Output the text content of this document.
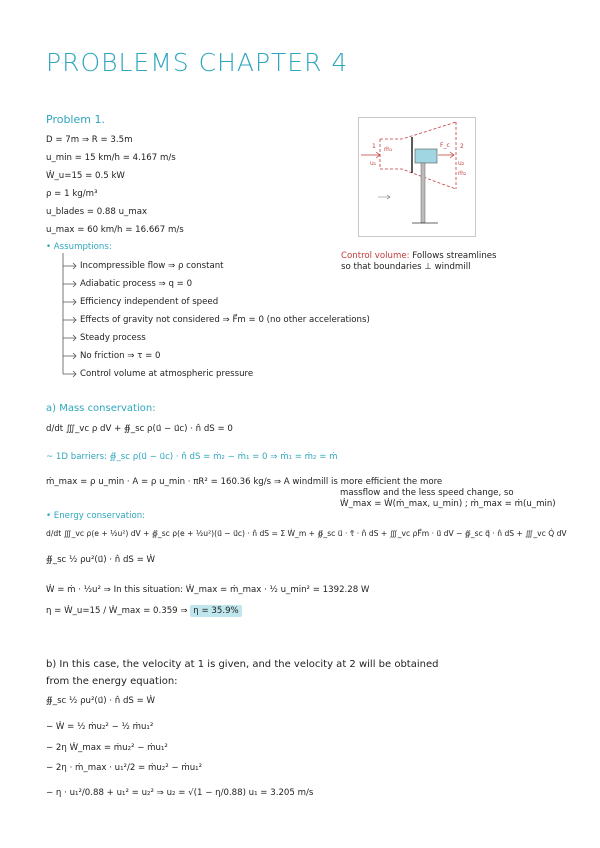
PROBLEMS CHAPTER 4
Problem 1.
D = 7m ⇒ R = 3.5m
u_min = 15 km/h = 4.167 m/s
Ẇ_u=15 = 0.5 kW
ρ = 1 kg/m³
u_blades = 0.88 u_max
u_max = 60 km/h = 16.667 m/s
• Assumptions:
Incompressible flow ⇒ ρ constant
Adiabatic process ⇒ q = 0
Efficiency independent of speed
Effects of gravity not considered ⇒ F⃗m = 0 (no other accelerations)
Steady process
No friction ⇒ τ = 0
Control volume at atmospheric pressure
Control volume: Follows streamlines
so that boundaries ⊥ windmill
1	2
ṁ₁
u₁
F_c
u₂
ṁ₂
a) Mass conservation:
d/dt ∭_vc ρ dV + ∯_sc ρ(u⃗ − u⃗c) · n̂ dS = 0
~ 1D barriers: ∯_sc ρ(u⃗ − u⃗c) · n̂ dS = ṁ₂ − ṁ₁ = 0 ⇒ ṁ₁ = ṁ₂ = ṁ
ṁ_max = ρ u_min · A = ρ u_min · πR² = 160.36 kg/s ⇒ A windmill is more efficient the more
massflow and the less speed change, so
Ẇ_max = Ẇ(ṁ_max, u_min) ; ṁ_max = ṁ(u_min)
• Energy conservation:
d/dt ∭_vc ρ(e + ½u²) dV + ∯_sc ρ(e + ½u²)(u⃗ − u⃗c) · n̂ dS = Σ Ẇ_m + ∯_sc u⃗ · τ̄ · n̂ dS + ∭_vc ρF⃗m · u⃗ dV − ∯_sc q⃗ · n̂ dS + ∭_vc Q̇ dV
∯_sc ½ ρu²(u⃗) · n̂ dS = Ẇ
Ẇ = ṁ · ½u² ⇒ In this situation: Ẇ_max = ṁ_max · ½ u_min² = 1392.28 W
η = Ẇ_u=15 / Ẇ_max = 0.359 ⇒ η = 35.9%
b) In this case, the velocity at 1 is given, and the velocity at 2 will be obtained
from the energy equation:
∯_sc ½ ρu²(u⃗) · n̂ dS = Ẇ
− Ẇ = ½ ṁu₂² − ½ ṁu₁²
− 2η Ẇ_max = ṁu₂² − ṁu₁²
− 2η · ṁ_max · u₁²/2 = ṁu₂² − ṁu₁²
− η · u₁²/0.88 + u₁² = u₂² ⇒ u₂ = √(1 − η/0.88) u₁ = 3.205 m/s
